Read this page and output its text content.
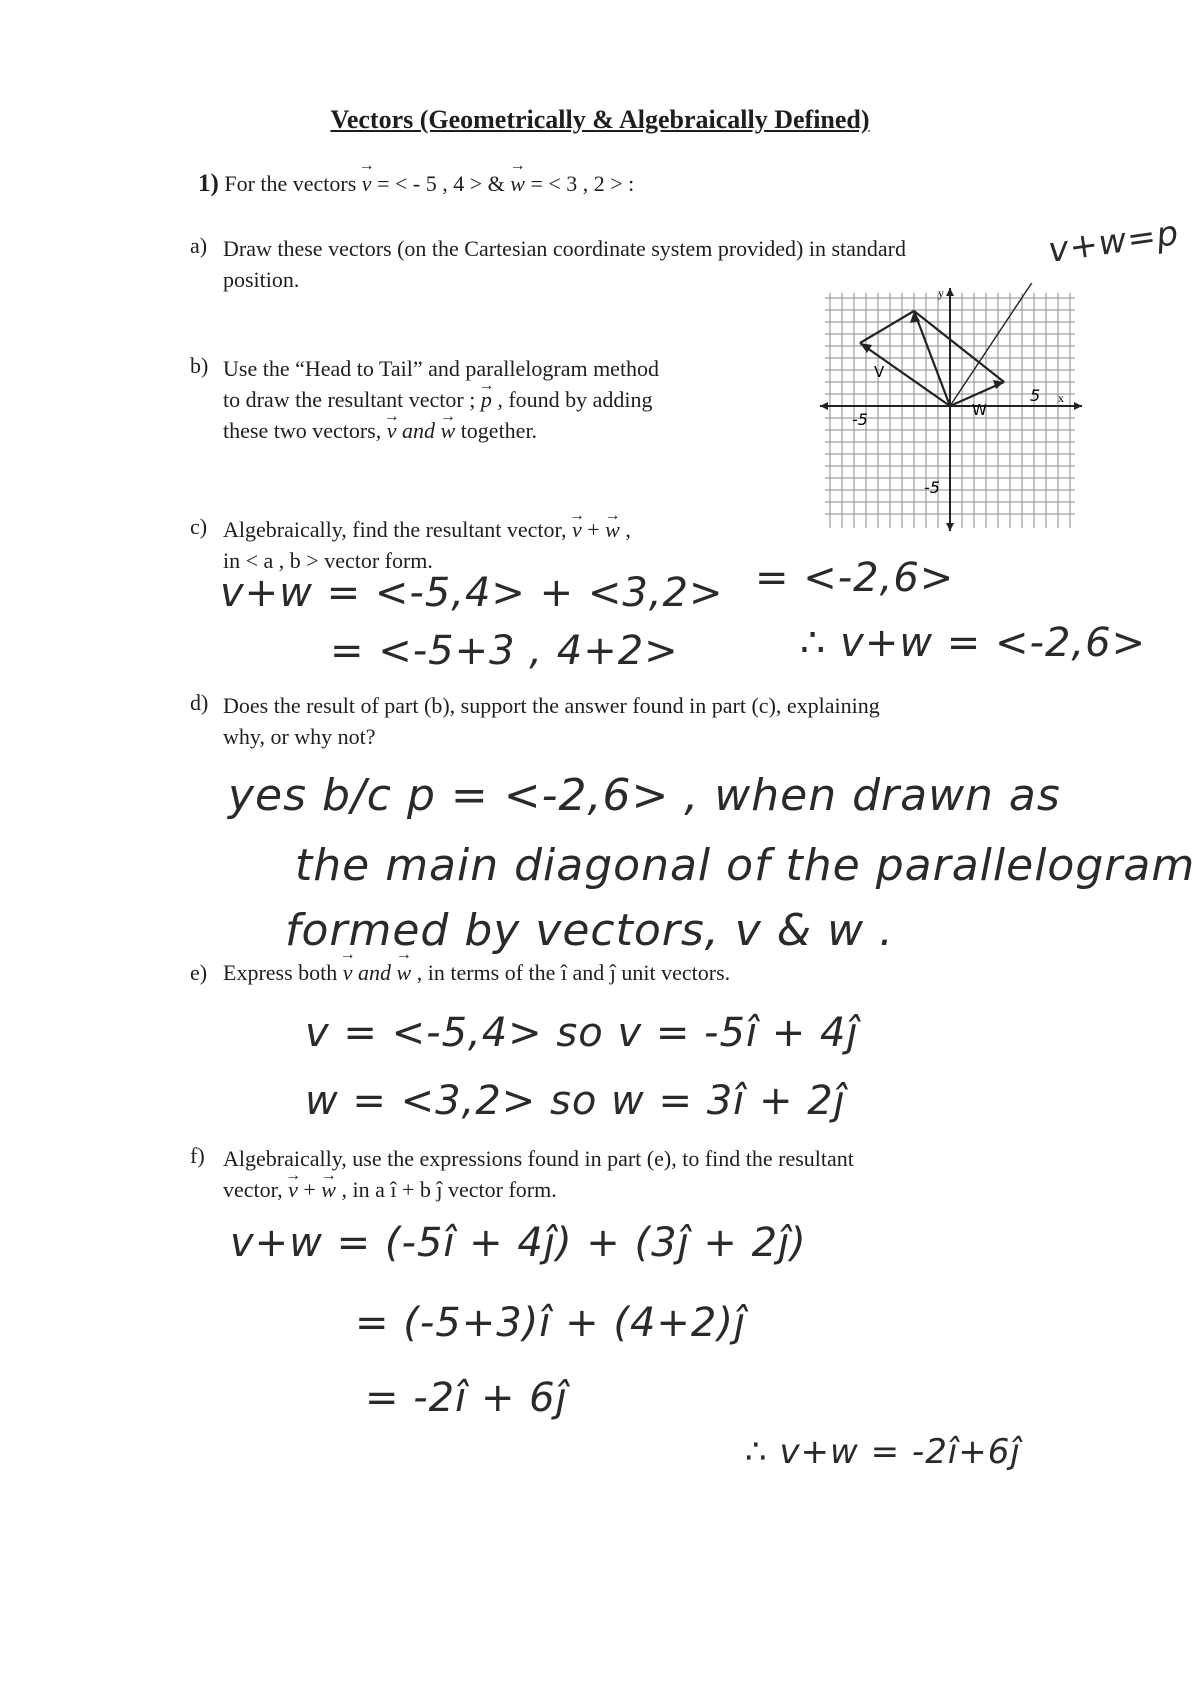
Vectors (Geometrically & Algebraically Defined)
1) For the vectors → v = < - 5 , 4 > & → w = < 3 , 2 > :
a) Draw these vectors (on the Cartesian coordinate system provided) in standard
position.
v+w=p
x
y
-5
5
-5
V
W
b) Use the “Head to Tail” and parallelogram method
to draw the resultant vector ; → p , found by adding
these two vectors, → v and → w together.
c) Algebraically, find the resultant vector, → v + → w ,
in < a , b > vector form.
v+w = <-5,4> + <3,2>
= <-5+3 , 4+2>
= <-2,6>
∴ v+w = <-2,6>
d) Does the result of part (b), support the answer found in part (c), explaining
why, or why not?
yes b/c p = <-2,6> , when drawn as
the main diagonal of the parallelogram
formed by vectors, v & w .
e) Express both → v and → w , in terms of the î and ĵ unit vectors.
v = <-5,4> so v = -5î + 4ĵ
w = <3,2> so w = 3î + 2ĵ
f) Algebraically, use the expressions found in part (e), to find the resultant
vector, → v + → w , in a î + b ĵ vector form.
v+w = (-5î + 4ĵ) + (3ĵ + 2ĵ)
= (-5+3)î + (4+2)ĵ
= -2î + 6ĵ
∴ v+w = -2î+6ĵ
